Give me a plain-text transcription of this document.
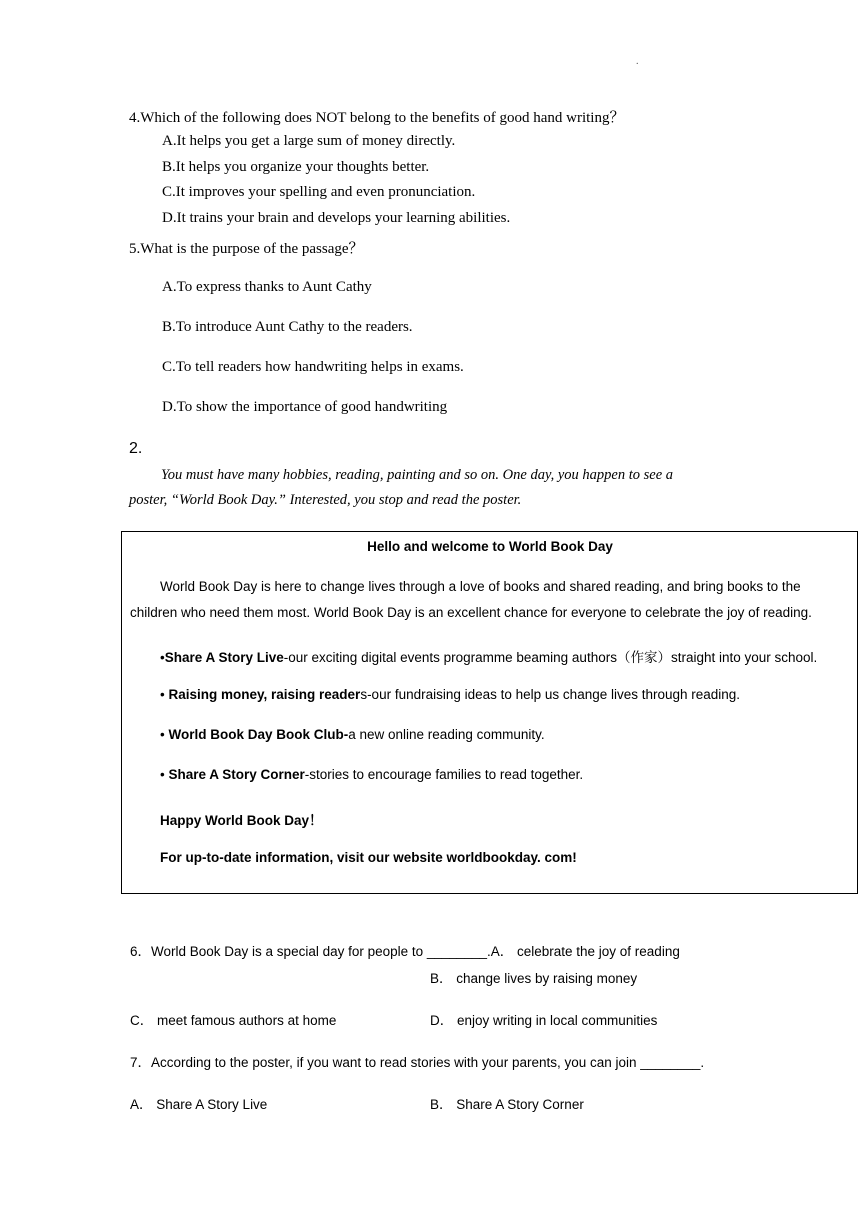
.
4.Which of the following does NOT belong to the benefits of good hand writing？
A.It helps you get a large sum of money directly.
B.It helps you organize your thoughts better.
C.It improves your spelling and even pronunciation.
D.It trains your brain and develops your learning abilities.
5.What is the purpose of the passage？
A.To express thanks to Aunt Cathy
B.To introduce Aunt Cathy to the readers.
C.To tell readers how handwriting helps in exams.
D.To show the importance of good handwriting
2.
You must have many hobbies, reading, painting and so on. One day, you happen to see a
poster, “World Book Day.” Interested, you stop and read the poster.
Hello and welcome to World Book Day
World Book Day is here to change lives through a love of books and shared reading, and bring books to the
children who need them most. World Book Day is an excellent chance for everyone to celebrate the joy of reading.
•Share A Story Live-our exciting digital events programme beaming authors（作家）straight into your school.
• Raising money, raising readers-our fundraising ideas to help us change lives through reading.
• World Book Day Book Club-a new online reading community.
• Share A Story Corner-stories to encourage families to read together.
Happy World Book Day！
For up-to-date information, visit our website worldbookday. com!
6．World Book Day is a special day for people to ________.A． celebrate the joy of reading
B． change lives by raising money
C． meet famous authors at home	D． enjoy writing in local communities
7．According to the poster, if you want to read stories with your parents, you can join ________.
A． Share A Story Live	B． Share A Story Corner
